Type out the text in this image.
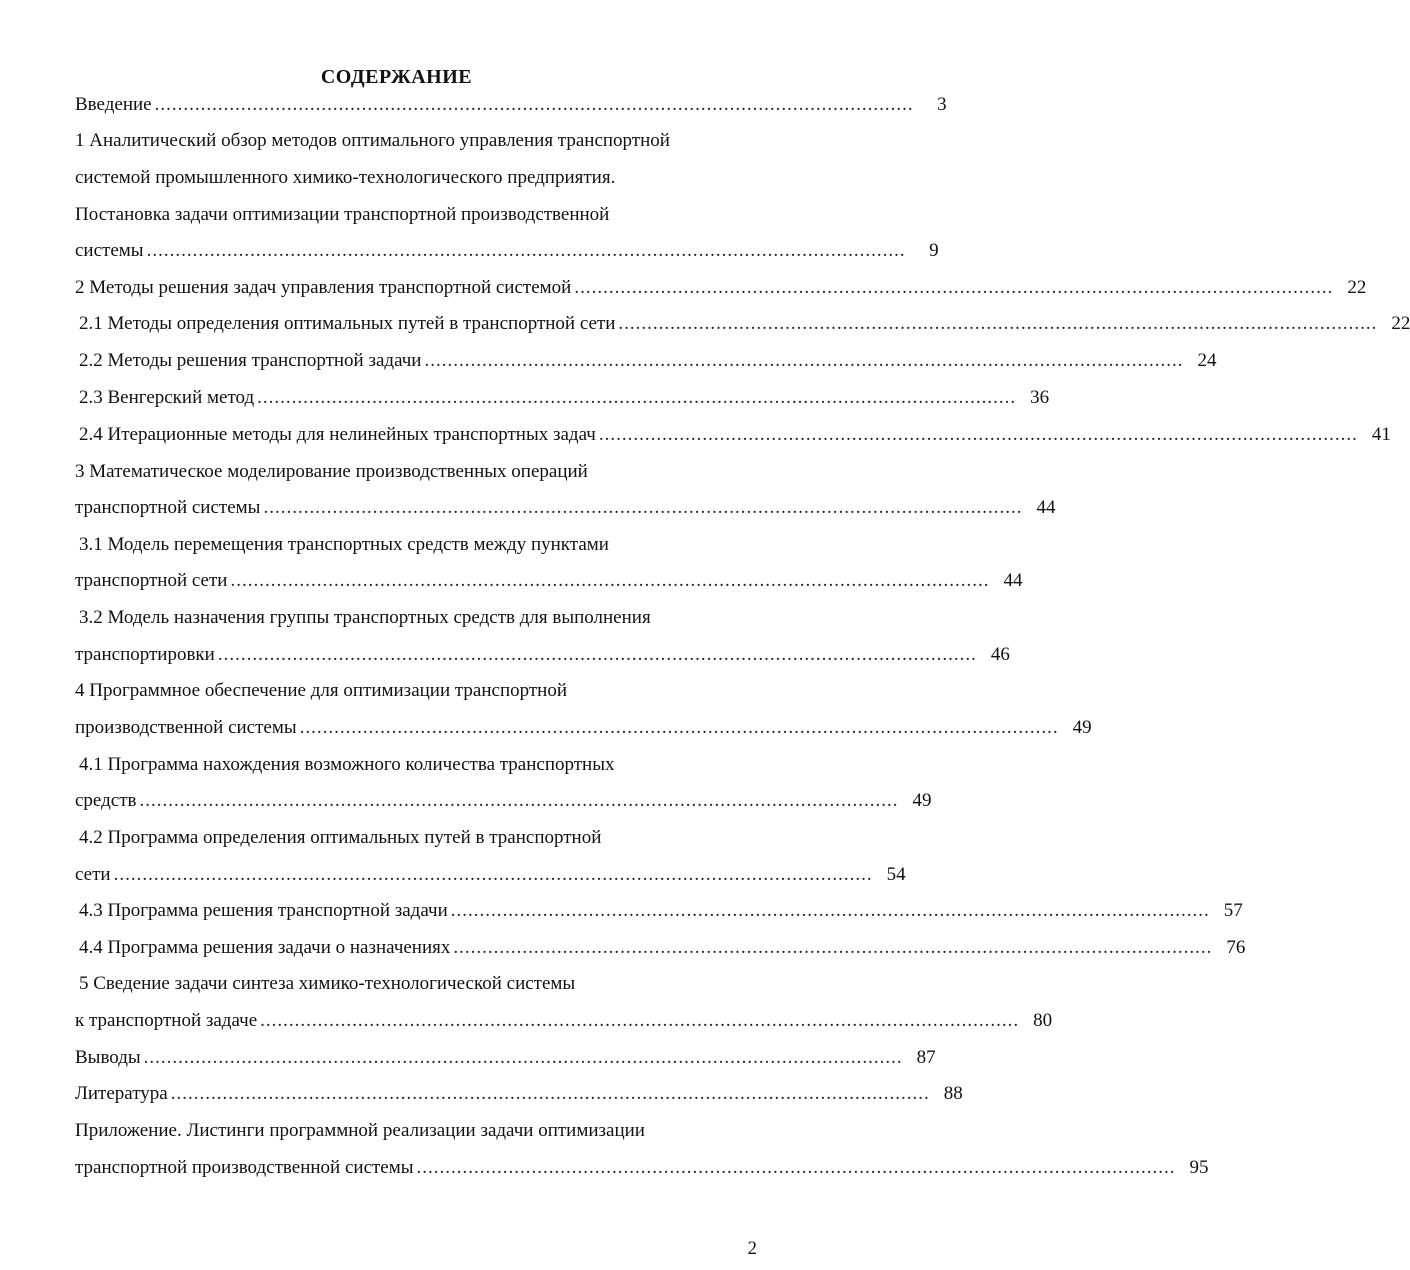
СОДЕРЖАНИЕ
Введение ....................................................................................................................................	3
1 Аналитический обзор методов оптимального управления транспортной
системой промышленного химико-технологического предприятия.
Постановка задачи оптимизации транспортной производственной
системы ....................................................................................................................................	9
2 Методы решения задач управления транспортной системой .................................................................................................................................... 22
2.1 Методы определения оптимальных путей в транспортной сети .................................................................................................................................... 22
2.2 Методы решения транспортной задачи .................................................................................................................................... 24
2.3 Венгерский метод .................................................................................................................................... 36
2.4 Итерационные методы для нелинейных транспортных задач .................................................................................................................................... 41
3 Математическое моделирование производственных операций
транспортной системы .................................................................................................................................... 44
3.1 Модель перемещения транспортных средств между пунктами
транспортной сети .................................................................................................................................... 44
3.2 Модель назначения группы транспортных средств для выполнения
транспортировки .................................................................................................................................... 46
4 Программное обеспечение для оптимизации транспортной
производственной системы .................................................................................................................................... 49
4.1 Программа нахождения возможного количества транспортных
средств .................................................................................................................................... 49
4.2 Программа определения оптимальных путей в транспортной
сети .................................................................................................................................... 54
4.3 Программа решения транспортной задачи .................................................................................................................................... 57
4.4 Программа решения задачи о назначениях .................................................................................................................................... 76
5 Сведение задачи синтеза химико-технологической системы
к транспортной задаче .................................................................................................................................... 80
Выводы .................................................................................................................................... 87
Литература .................................................................................................................................... 88
Приложение. Листинги программной реализации задачи оптимизации
транспортной производственной системы .................................................................................................................................... 95
2
